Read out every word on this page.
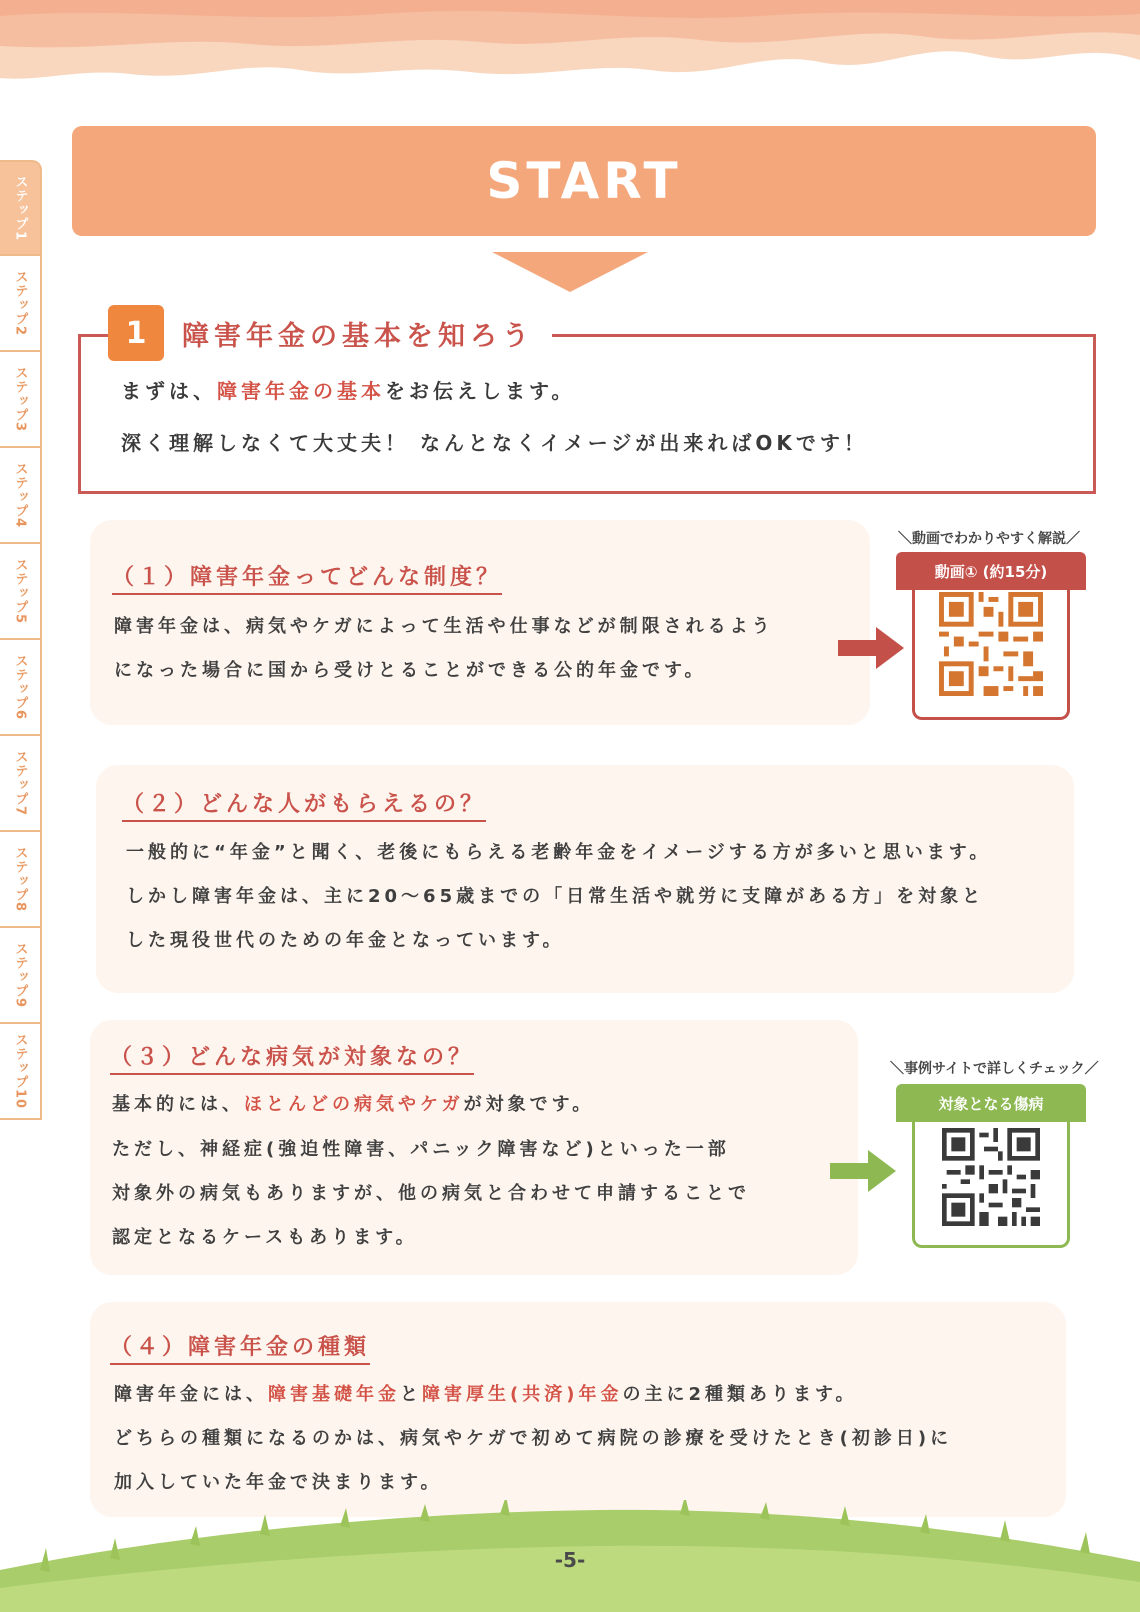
ステップ1
ステップ2
ステップ3
ステップ4
ステップ5
ステップ6
ステップ7
ステップ8
ステップ9
ステップ10
START
まずは、障害年金の基本をお伝えします。
深く理解しなくて大丈夫！ なんとなくイメージが出来ればOKです！
1	障害年金の基本を知ろう
（１）障害年金ってどんな制度？
障害年金は、病気やケガによって生活や仕事などが制限されるよう
になった場合に国から受けとることができる公的年金です。
＼動画でわかりやすく解説／
動画① (約15分)
（２）どんな人がもらえるの？
一般的に“年金”と聞く、老後にもらえる老齢年金をイメージする方が多いと思います。
しかし障害年金は、主に20～65歳までの「日常生活や就労に支障がある方」を対象と
した現役世代のための年金となっています。
（３）どんな病気が対象なの？
基本的には、ほとんどの病気やケガが対象です。
ただし、神経症(強迫性障害、パニック障害など)といった一部
対象外の病気もありますが、他の病気と合わせて申請することで
認定となるケースもあります。
＼事例サイトで詳しくチェック／
対象となる傷病
（４）障害年金の種類
障害年金には、障害基礎年金と障害厚生(共済)年金の主に2種類あります。
どちらの種類になるのかは、病気やケガで初めて病院の診療を受けたとき(初診日)に
加入していた年金で決まります。
-5-
